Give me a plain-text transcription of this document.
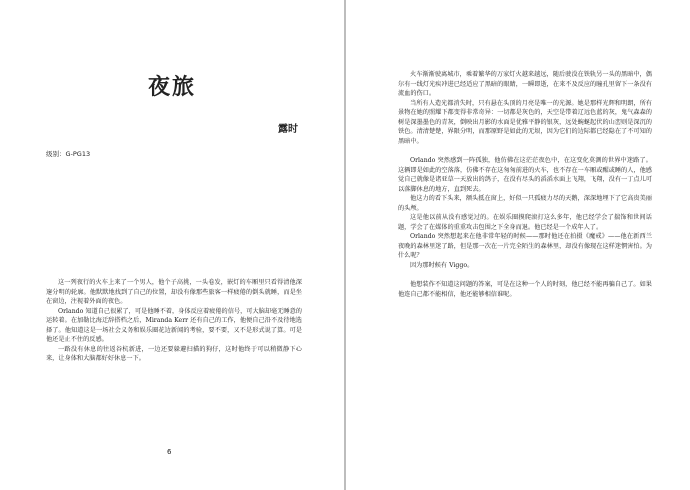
夜旅
露时
级别：G-PG13

这一列夜行的火车上来了一个男人，他个子高挑，一头卷发，嵌灯的车厢里只看得清他深邃分明的轮廓。他默默地找到了自己的位置，却没有像那些旅客一样疲倦的倒头就睡，而是坐在窗边，注视着外面的夜色。

Orlando 知道自己很累了，可是他睡不着，身体反应着疲倦的信号，可大脑却毫无睡意的运转着。在加勒比海迁辞搭档之后，Miranda Kerr 还有自己的工作，他便自己沿不及待地选择了。他知道这是一场社会义务和娱乐圈花边新闻的考验，要不要，又不是形式说了算。可是他还是止不住的反感。

一路没有休息的往返谷杭新进，一边还要躲避扫描的狗仔，这时他终于可以稍微静下心来，让身体和大脑都好好休息一下。

6

火车渐渐驶离城市，乘着繁华的万家灯火越来越远，随后驶没在铁轨另一头的黑暗中，偶尔有一线灯光疾冲进已经适应了黑暗的眼睛，一瞬即逝，在来不及反应的瞳孔里留下一条没有流血的伤口。

当所有人造光都消失时，只有悬在头顶的月亮是唯一的光源。她是那样光辉和明朗，所有景物在她的照耀下都变得非常奇异：一切都是灰色的，天空是带着辽远色蓝的灰，鬼气森森的树是深墨墨色的青灰，倒映出月影的水面是优雅平静的银灰，远处蜿蜒起伏的山峦则是深沉的铁色。清清楚楚，界限分明，而那原野是如此的无垠，因为它们的边际都已经隐在了不可知的黑暗中。

Orlando 突然感到一阵孤独，他仿佛在这茫茫夜色中，在这变化莫测的世界中迷路了。这辆即是如此的空落落，仿佛不存在这匆匆前进的火车，也不存在一车厢或醒或睡的人，他感觉自己就像是诸亚草一天放出的鸽子，在没有尽头的滔滔水面上飞翔，飞翔，没有一丁点儿可以落脚休息的地方，直到死去。

他这力的看下头来，额头抵在窗上，好似一只孤疲力尽的天鹅，深深地埋下了它高贵美丽的头颅。

这是他以前从没有感觉过的。在娱乐圈摸爬滚打这么多年，他已经学会了揣饰和世间话题，学会了在媒体的重重攻击包围之下全身而退。他已经是一个成年人了。

Orlando 突然想起来在他非常年轻的时候——那时他还在拍摄《魔戒》——他在新西兰夜晚的森林里迷了路，但是那一次在一片完全陌生的森林里，却没有像现在这样迷惘害怕。为什么呢？

因为那时候有 Viggo。

他想装作不知道这问题的答案，可是在这种一个人的时刻，他已经不能再骗自己了。如果他连自己都不能相信，他还能够相信谁呢。
